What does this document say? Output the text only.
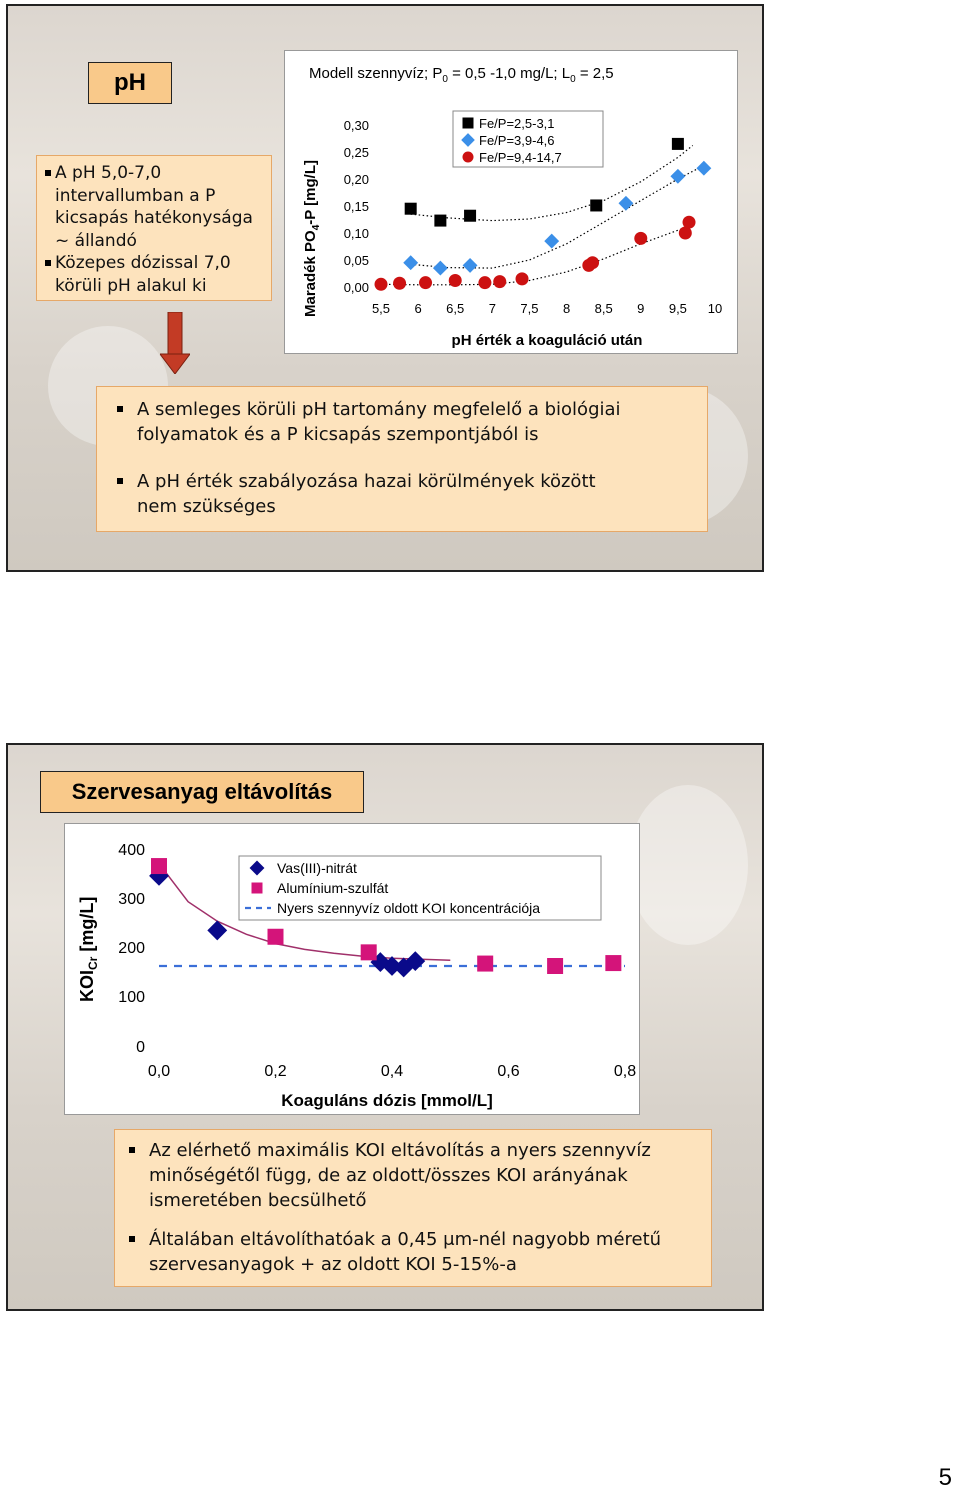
pH
A pH 5,0-7,0
intervallumban a P
kicsapás hatékonysága
~ állandó
Közepes dózissal 7,0
körüli pH alakul ki
Modell szennyvíz; $P_0 = 0,5$ -1,0 mg/L; $L_0 = 2,5$
Maradék $PO_4-P$ [mg/L]
0,00
0,05
0,10
0,15
0,20
0,25
0,30
5,5 6 6,5 7 7,5 8 8,5 9 9,5 10
pH érték a koaguláció után
Fe/P=2,5-3,1
Fe/P=3,9-4,6
Fe/P=9,4-14,7
A semleges körüli pH tartomány megfelelő a biológiai
folyamatok és a P kicsapás szempontjából is
A pH érték szabályozása hazai körülmények között
nem szükséges
Szervesanyag eltávolítás
$KOI_{Cr}$ [mg/L]
0
100
200
300
400
0,0	0,2	0,4	0,6	0,8
Koaguláns dózis [mmol/L]
Vas(III)-nitrát
Alumínium-szulfát
Nyers szennyvíz oldott KOI koncentrációja
Az elérhető maximális KOI eltávolítás a nyers szennyvíz
minőségétől függ, de az oldott/összes KOI arányának
ismeretében becsülhető
Általában eltávolíthatóak a 0,45 μm-nél nagyobb méretű
szervesanyagok + az oldott KOI 5-15%-a
5
